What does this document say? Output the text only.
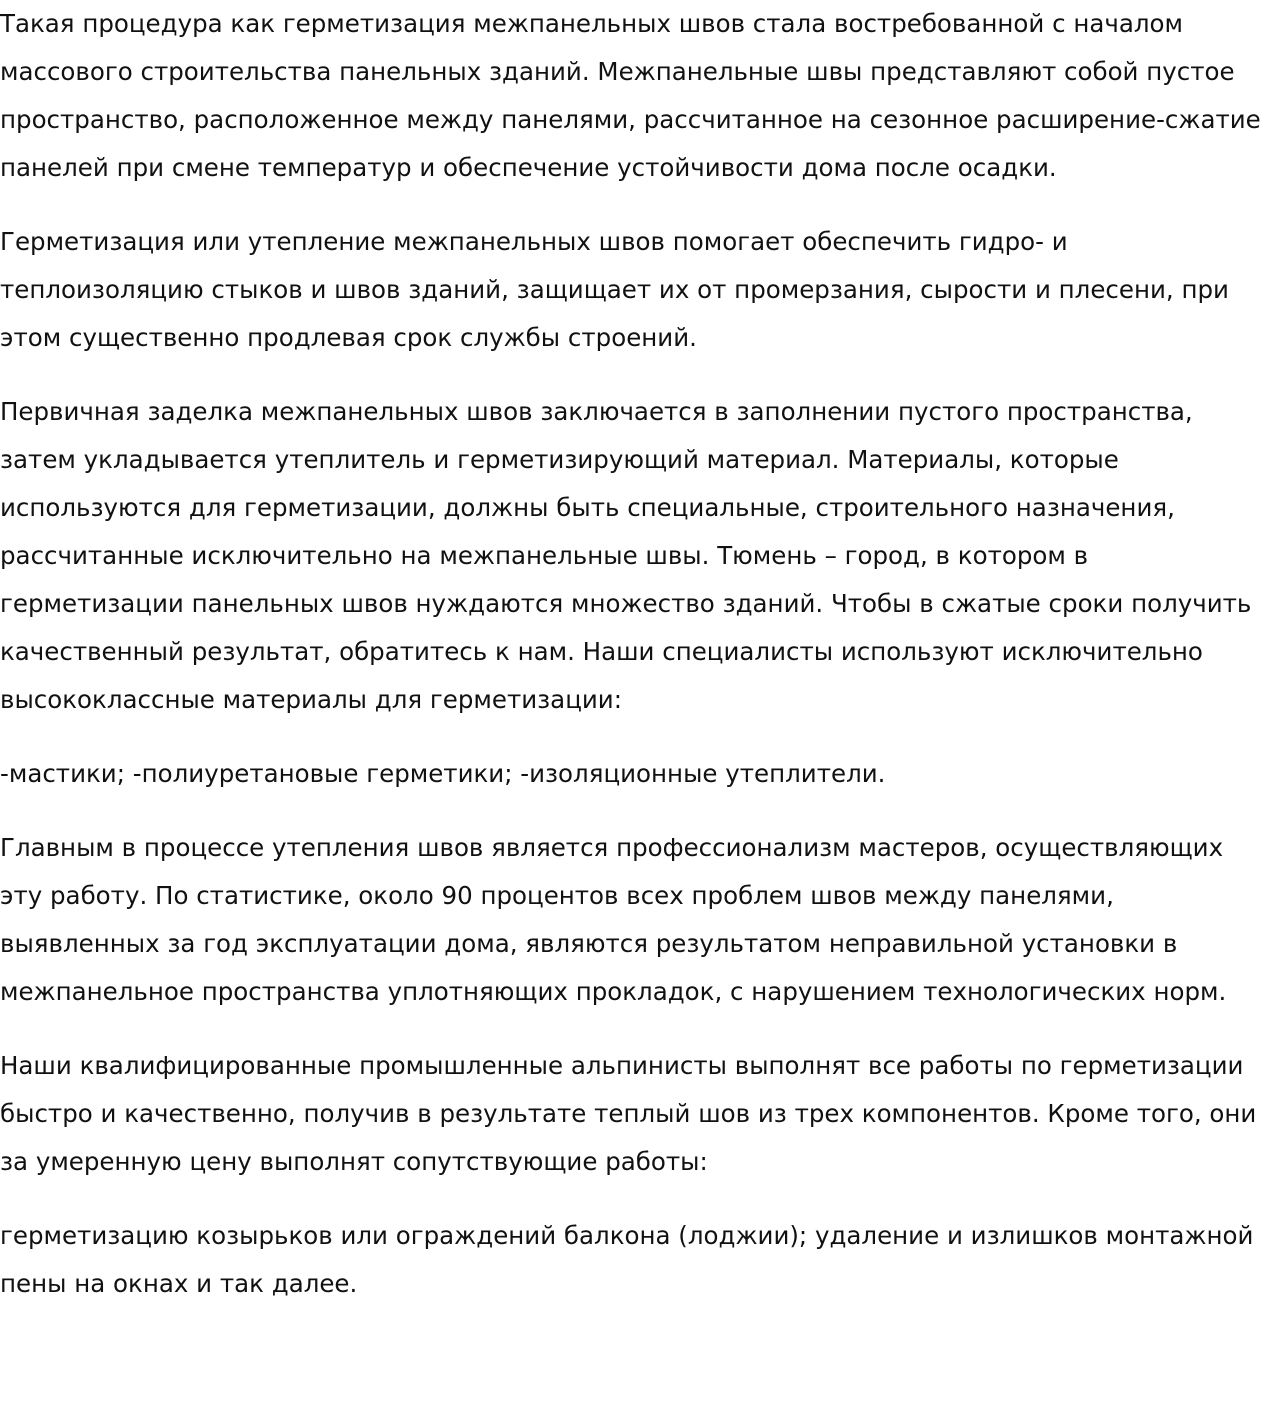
Такая процедура как герметизация межпанельных швов стала востребованной с началом массового строительства панельных зданий. Межпанельные швы представляют собой пустое пространство, расположенное между панелями, рассчитанное на сезонное расширение-сжатие панелей при смене температур и обеспечение устойчивости дома после осадки.

Герметизация или утепление межпанельных швов помогает обеспечить гидро- и теплоизоляцию стыков и швов зданий, защищает их от промерзания, сырости и плесени, при этом существенно продлевая срок службы строений.

Первичная заделка межпанельных швов заключается в заполнении пустого пространства, затем укладывается утеплитель и герметизирующий материал. Материалы, которые используются для герметизации, должны быть специальные, строительного назначения, рассчитанные исключительно на межпанельные швы. Тюмень – город, в котором в герметизации панельных швов нуждаются множество зданий. Чтобы в сжатые сроки получить качественный результат, обратитесь к нам. Наши специалисты используют исключительно высококлассные материалы для герметизации:

-мастики; -полиуретановые герметики; -изоляционные утеплители.

Главным в процессе утепления швов является профессионализм мастеров, осуществляющих эту работу. По статистике, около 90 процентов всех проблем швов между панелями, выявленных за год эксплуатации дома, являются результатом неправильной установки в межпанельное пространства уплотняющих прокладок, с нарушением технологических норм.

Наши квалифицированные промышленные альпинисты выполнят все работы по герметизации быстро и качественно, получив в результате теплый шов из трех компонентов. Кроме того, они за умеренную цену выполнят сопутствующие работы:

герметизацию козырьков или ограждений балкона (лоджии); удаление и излишков монтажной пены на окнах и так далее.
